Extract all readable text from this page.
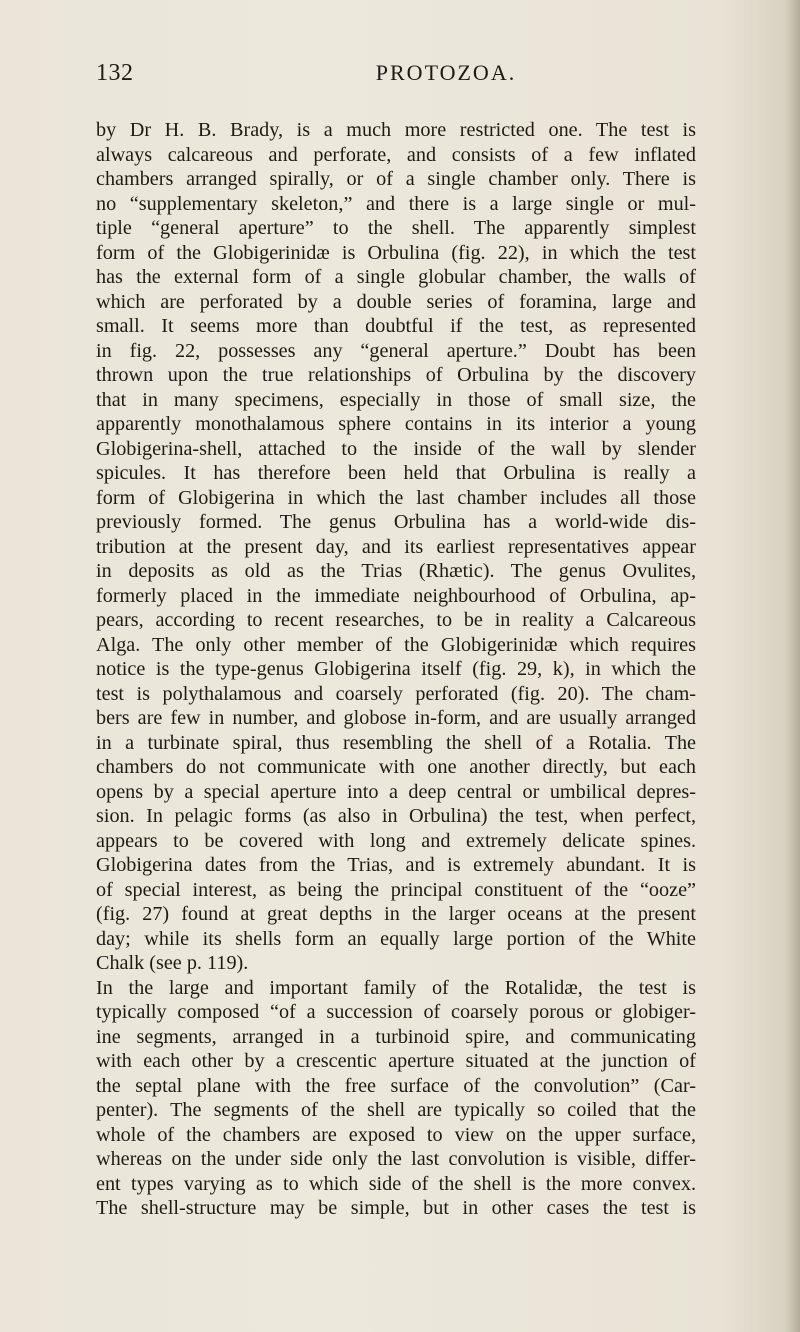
132	PROTOZOA.
by Dr H. B. Brady, is a much more restricted one. The test is
always calcareous and perforate, and consists of a few inflated
chambers arranged spirally, or of a single chamber only. There is
no “supplementary skeleton,” and there is a large single or mul-
tiple “general aperture” to the shell. The apparently simplest
form of the Globigerinidæ is Orbulina (fig. 22), in which the test
has the external form of a single globular chamber, the walls of
which are perforated by a double series of foramina, large and
small. It seems more than doubtful if the test, as represented
in fig. 22, possesses any “general aperture.” Doubt has been
thrown upon the true relationships of Orbulina by the discovery
that in many specimens, especially in those of small size, the
apparently monothalamous sphere contains in its interior a young
Globigerina-shell, attached to the inside of the wall by slender
spicules. It has therefore been held that Orbulina is really a
form of Globigerina in which the last chamber includes all those
previously formed. The genus Orbulina has a world-wide dis-
tribution at the present day, and its earliest representatives appear
in deposits as old as the Trias (Rhætic). The genus Ovulites,
formerly placed in the immediate neighbourhood of Orbulina, ap-
pears, according to recent researches, to be in reality a Calcareous
Alga. The only other member of the Globigerinidæ which requires
notice is the type-genus Globigerina itself (fig. 29, k), in which the
test is polythalamous and coarsely perforated (fig. 20). The cham-
bers are few in number, and globose in-form, and are usually arranged
in a turbinate spiral, thus resembling the shell of a Rotalia. The
chambers do not communicate with one another directly, but each
opens by a special aperture into a deep central or umbilical depres-
sion. In pelagic forms (as also in Orbulina) the test, when perfect,
appears to be covered with long and extremely delicate spines.
Globigerina dates from the Trias, and is extremely abundant. It is
of special interest, as being the principal constituent of the “ooze”
(fig. 27) found at great depths in the larger oceans at the present
day; while its shells form an equally large portion of the White
Chalk (see p. 119).
In the large and important family of the Rotalidæ, the test is
typically composed “of a succession of coarsely porous or globiger-
ine segments, arranged in a turbinoid spire, and communicating
with each other by a crescentic aperture situated at the junction of
the septal plane with the free surface of the convolution” (Car-
penter). The segments of the shell are typically so coiled that the
whole of the chambers are exposed to view on the upper surface,
whereas on the under side only the last convolution is visible, differ-
ent types varying as to which side of the shell is the more convex.
The shell-structure may be simple, but in other cases the test is
